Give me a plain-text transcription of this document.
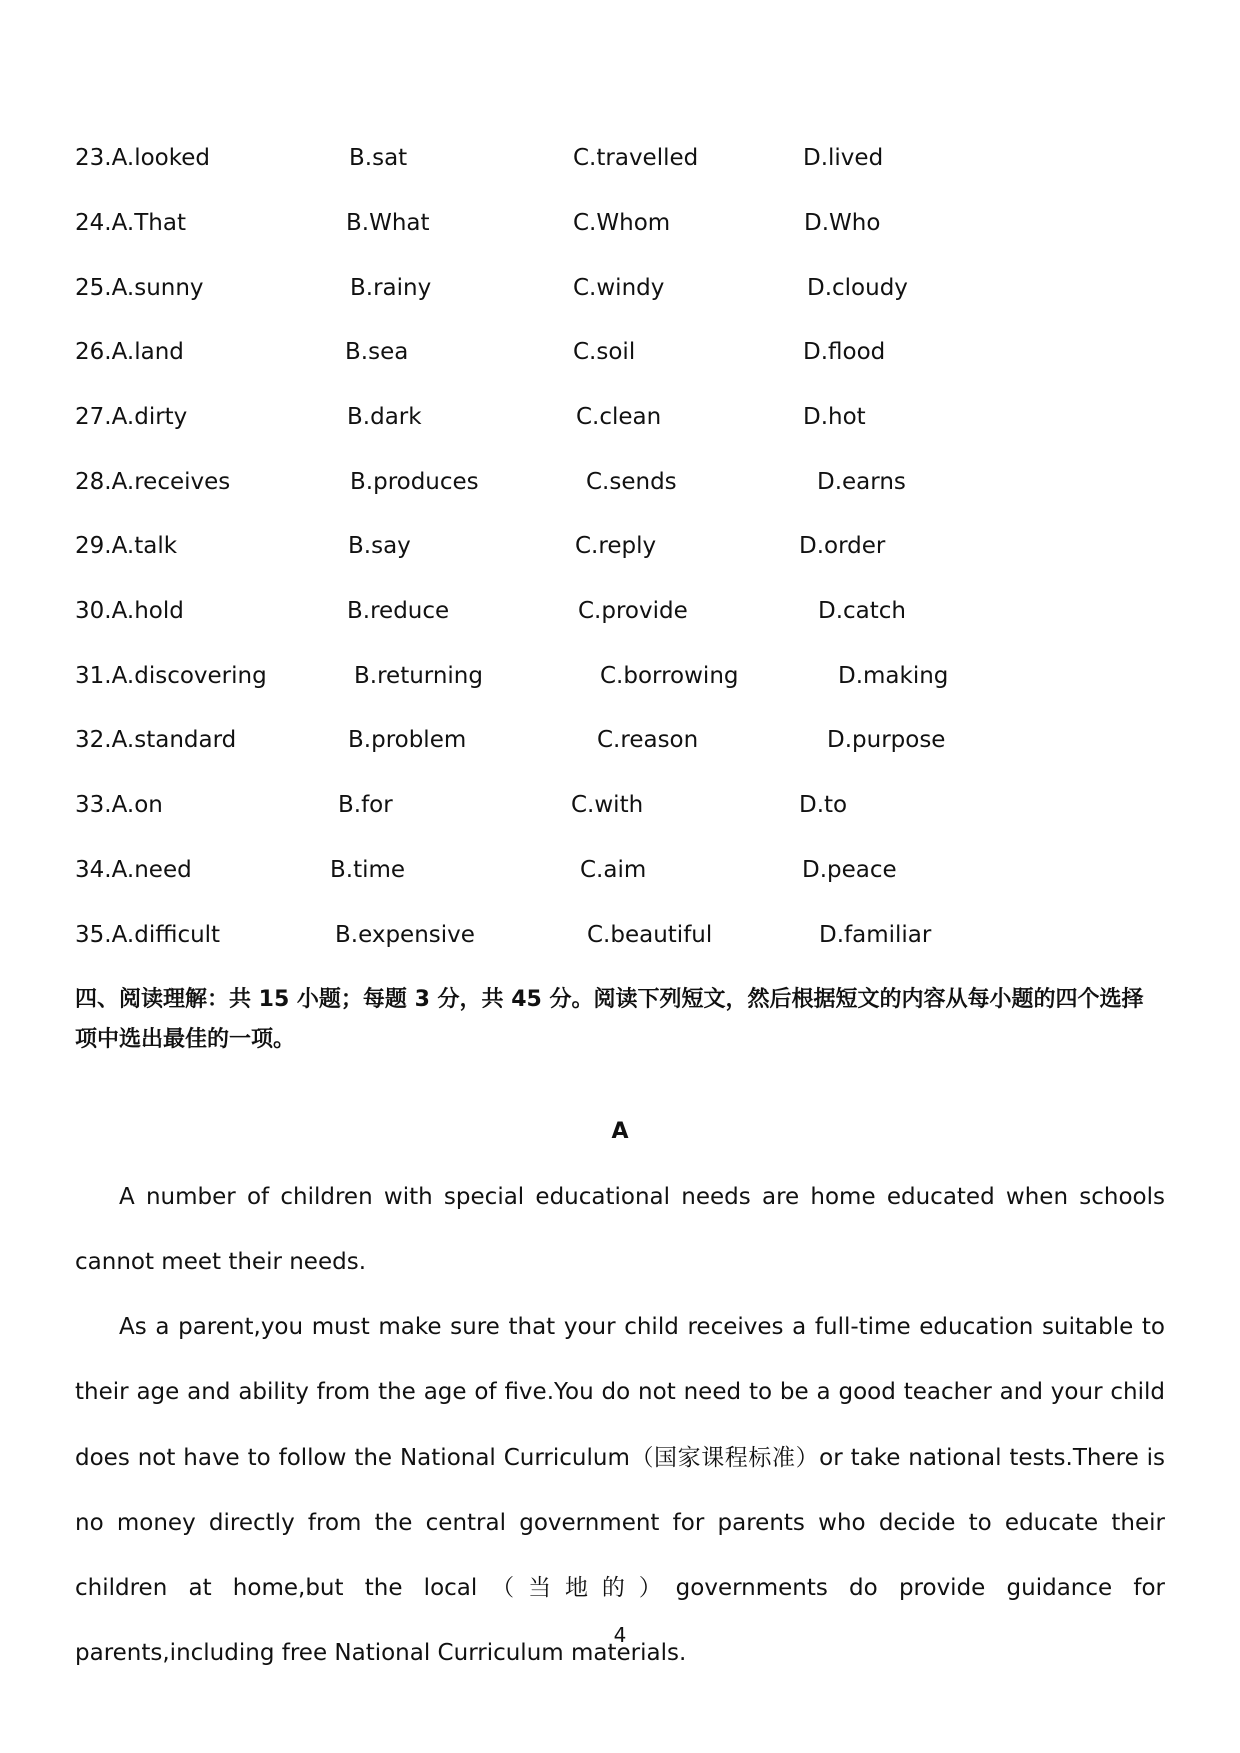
23.A.looked	B.sat	C.travelled	D.lived
24.A.That	B.What	C.Whom	D.Who
25.A.sunny	B.rainy	C.windy	D.cloudy
26.A.land	B.sea	C.soil	D.flood
27.A.dirty	B.dark	C.clean	D.hot
28.A.receives	B.produces	C.sends	D.earns
29.A.talk	B.say	C.reply	D.order
30.A.hold	B.reduce	C.provide	D.catch
31.A.discovering	B.returning	C.borrowing	D.making
32.A.standard	B.problem	C.reason	D.purpose
33.A.on	B.for	C.with	D.to
34.A.need	B.time	C.aim	D.peace
35.A.difficult	B.expensive	C.beautiful	D.familiar
四、阅读理解：共 15 小题；每题 3 分，共 45 分。阅读下列短文，然后根据短文的内容从每小题的四个选择项中选出最佳的一项。
A

A number of children with special educational needs are home educated when schools cannot meet their needs.

As a parent,you must make sure that your child receives a full-time education suitable to their age and ability from the age of five.You do not need to be a good teacher and your child does not have to follow the National Curriculum（国家课程标准）or take national tests.There is no money directly from the central government for parents who decide to educate their children at home,but the local（当地的）governments do provide guidance for parents,including free National Curriculum materials.

4
